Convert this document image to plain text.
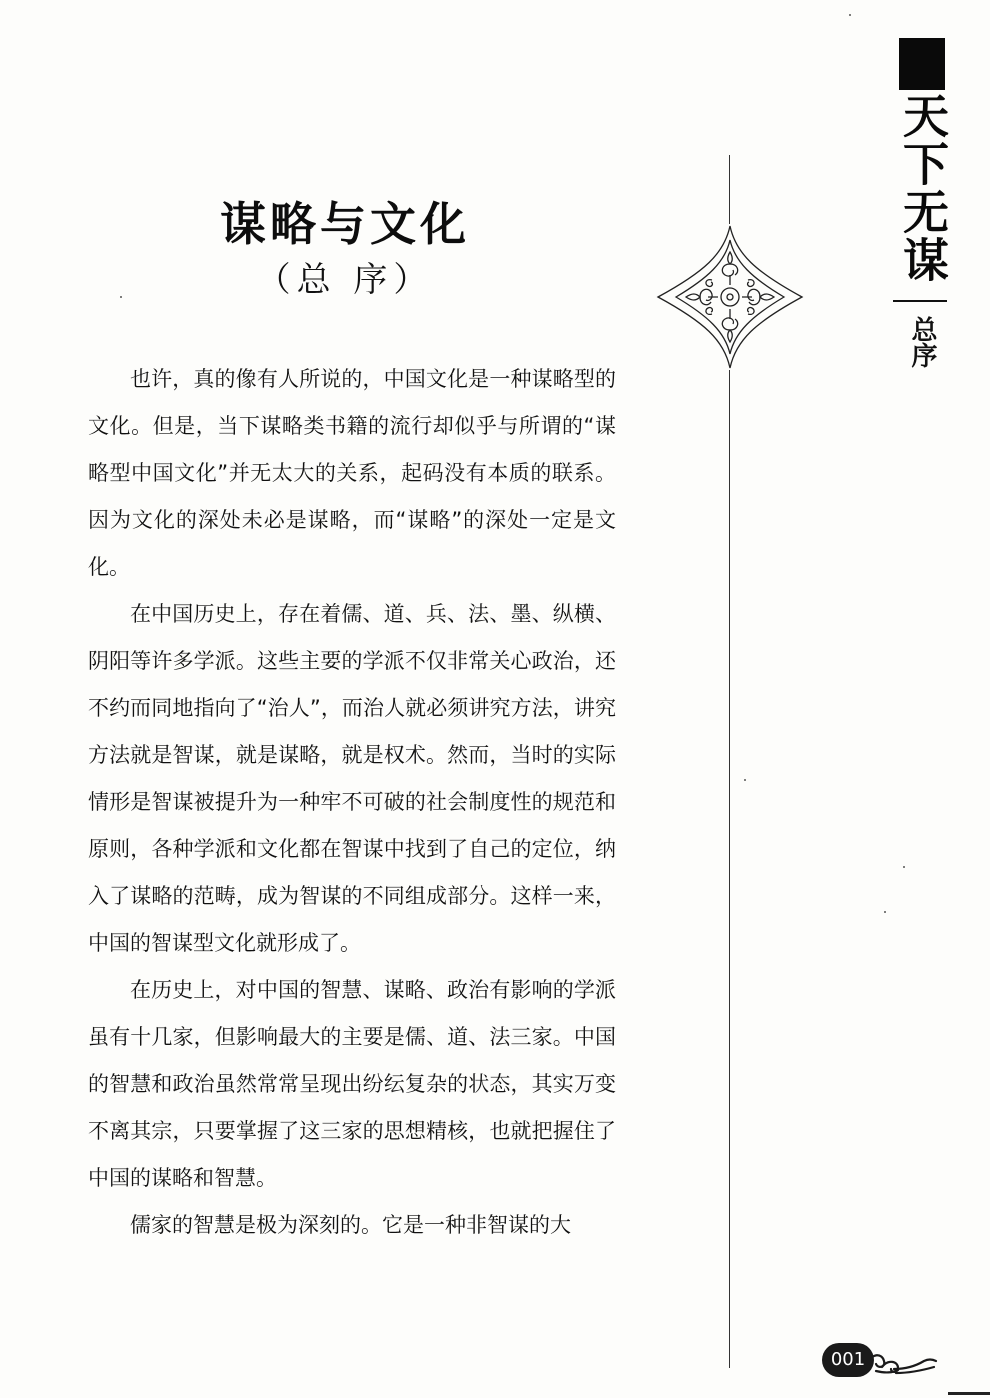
谋略与文化
（总 序）

也许，真的像有人所说的，中国文化是一种谋略型的文化。但是，当下谋略类书籍的流行却似乎与所谓的“谋略型中国文化”并无太大的关系，起码没有本质的联系。因为文化的深处未必是谋略，而“谋略”的深处一定是文化。

在中国历史上，存在着儒、道、兵、法、墨、纵横、阴阳等许多学派。这些主要的学派不仅非常关心政治，还不约而同地指向了“治人”，而治人就必须讲究方法，讲究方法就是智谋，就是谋略，就是权术。然而，当时的实际情形是智谋被提升为一种牢不可破的社会制度性的规范和原则，各种学派和文化都在智谋中找到了自己的定位，纳入了谋略的范畴，成为智谋的不同组成部分。这样一来，中国的智谋型文化就形成了。

在历史上，对中国的智慧、谋略、政治有影响的学派虽有十几家，但影响最大的主要是儒、道、法三家。中国的智慧和政治虽然常常呈现出纷纭复杂的状态，其实万变不离其宗，只要掌握了这三家的思想精核，也就把握住了中国的谋略和智慧。

儒家的智慧是极为深刻的。它是一种非智谋的大

天下无谋
总序
001
